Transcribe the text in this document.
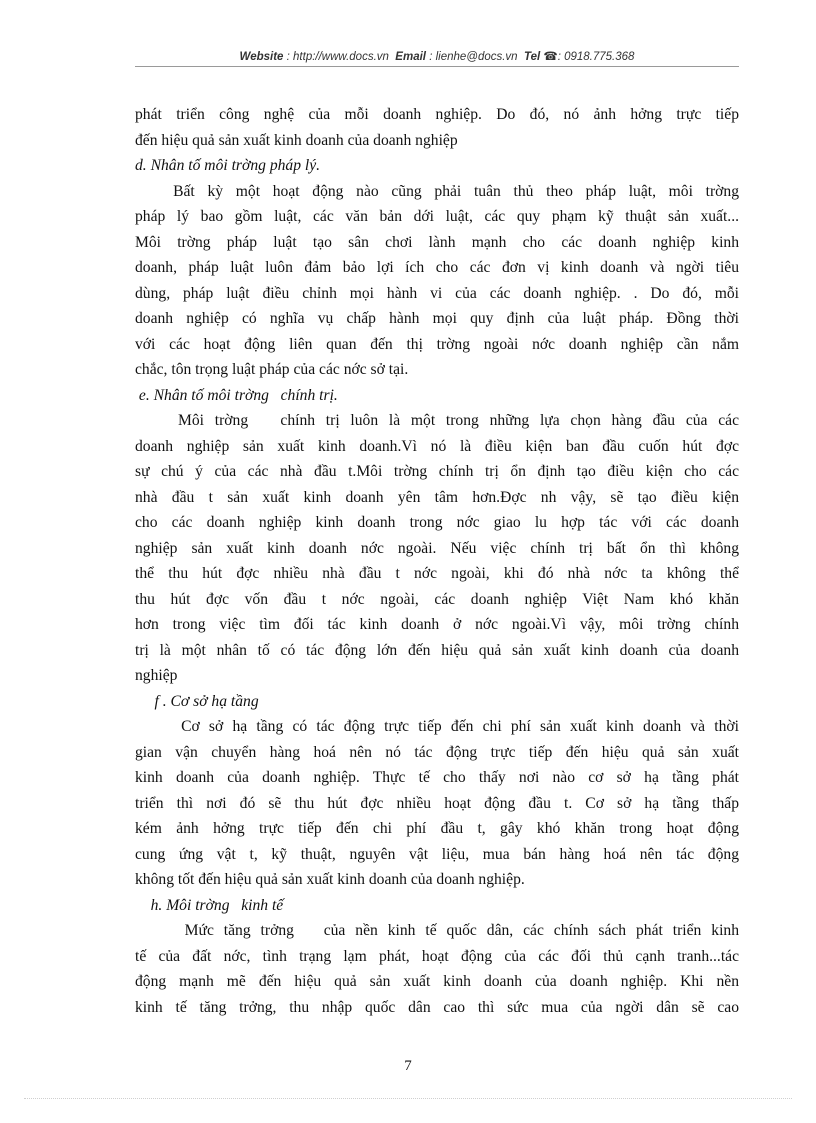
Website : http://www.docs.vn Email : lienhe@docs.vn Tel ☎: 0918.775.368
phát triển công nghệ của mỗi doanh nghiệp. Do đó, nó ảnh hởng trực tiếp
đến hiệu quả sản xuất kinh doanh của doanh nghiệp
d. Nhân tố môi trờng pháp lý.
Bất kỳ một hoạt động nào cũng phải tuân thủ theo pháp luật, môi trờng
pháp lý bao gồm luật, các văn bản dới luật, các quy phạm kỹ thuật sản xuất...
Môi trờng pháp luật tạo sân chơi lành mạnh cho các doanh nghiệp kinh
doanh, pháp luật luôn đảm bảo lợi ích cho các đơn vị kinh doanh và ngời tiêu
dùng, pháp luật điều chỉnh mọi hành vi của các doanh nghiệp. . Do đó, mỗi
doanh nghiệp có nghĩa vụ chấp hành mọi quy định của luật pháp. Đồng thời
với các hoạt động liên quan đến thị trờng ngoài nớc doanh nghiệp cần nắm
chắc, tôn trọng luật pháp của các nớc sở tại.
e. Nhân tố môi trờng   chính trị.
Môi trờng   chính trị luôn là một trong những lựa chọn hàng đầu của các
doanh nghiệp sản xuất kinh doanh.Vì nó là điều kiện ban đầu cuốn hút đợc
sự chú ý của các nhà đầu t.Môi trờng chính trị ổn định tạo điều kiện cho các
nhà đầu t sản xuất kinh doanh yên tâm hơn.Đợc nh vậy, sẽ tạo điều kiện
cho các doanh nghiệp kinh doanh trong nớc giao lu hợp tác với các doanh
nghiệp sản xuất kinh doanh nớc ngoài. Nếu việc chính trị bất ổn thì không
thể thu hút đợc nhiều nhà đầu t nớc ngoài, khi đó nhà nớc ta không thể
thu hút đợc vốn đầu t nớc ngoài, các doanh nghiệp Việt Nam khó khăn
hơn trong việc tìm đối tác kinh doanh ở nớc ngoài.Vì vậy, môi trờng chính
trị là một nhân tố có tác động lớn đến hiệu quả sản xuất kinh doanh của doanh
nghiệp
f . Cơ sở hạ tầng
Cơ sở hạ tầng có tác động trực tiếp đến chi phí sản xuất kinh doanh và thời
gian vận chuyển hàng hoá nên nó tác động trực tiếp đến hiệu quả sản xuất
kinh doanh của doanh nghiệp. Thực tế cho thấy nơi nào cơ sở hạ tầng phát
triển thì nơi đó sẽ thu hút đợc nhiều hoạt động đầu t. Cơ sở hạ tầng thấp
kém ảnh hởng trực tiếp đến chi phí đầu t, gây khó khăn trong hoạt động
cung ứng vật t, kỹ thuật, nguyên vật liệu, mua bán hàng hoá nên tác động
không tốt đến hiệu quả sản xuất kinh doanh của doanh nghiệp.
h. Môi trờng   kinh tế
Mức tăng trởng   của nền kinh tế quốc dân, các chính sách phát triển kinh
tế của đất nớc, tình trạng lạm phát, hoạt động của các đối thủ cạnh tranh...tác
động mạnh mẽ đến hiệu quả sản xuất kinh doanh của doanh nghiệp. Khi nền
kinh tế tăng trởng, thu nhập quốc dân cao thì sức mua của ngời dân sẽ cao
7
